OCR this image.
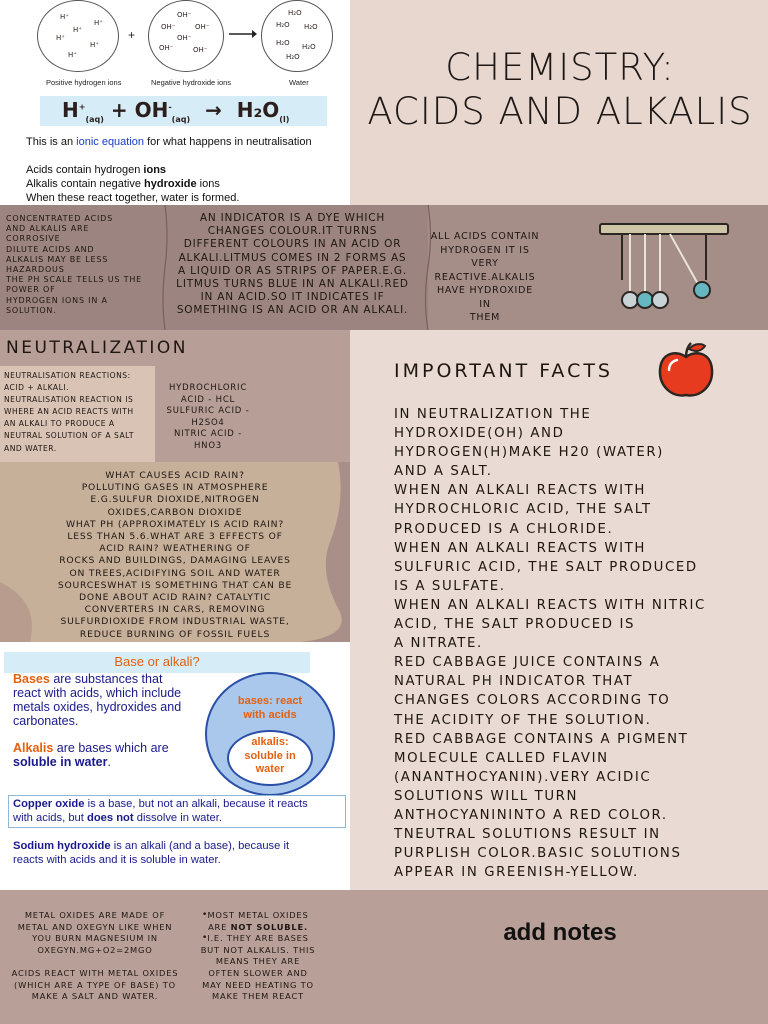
H⁺
H⁺
H⁺
H⁺
H⁺
H⁺
+
OH⁻
OH⁻	OH⁻
OH⁻
OH⁻	OH⁻
H₂O
H₂O H₂O
H₂O H₂O
H₂O
Positive hydrogen ions	Negative hydroxide ions	Water
$H^+_{(aq)} + OH^-_{(aq)} \to H_2O_{(l)}$
This is an ionic equation for what happens in neutralisation
Acids contain hydrogen ions
Alkalis contain negative hydroxide ions
When these react together, water is formed.
CHEMISTRY:
ACIDS AND ALKALIS
CONCENTRATED ACIDS
AND ALKALIS ARE
CORROSIVE
DILUTE ACIDS AND
ALKALIS MAY BE LESS
HAZARDOUS
THE PH SCALE TELLS US THE
POWER OF
HYDROGEN IONS IN A
SOLUTION.
AN INDICATOR IS A DYE WHICH
CHANGES COLOUR.IT TURNS
DIFFERENT COLOURS IN AN ACID OR
ALKALI.LITMUS COMES IN 2 FORMS AS
A LIQUID OR AS STRIPS OF PAPER.E.G.
LITMUS TURNS BLUE IN AN ALKALI.RED
IN AN ACID.SO IT INDICATES IF
SOMETHING IS AN ACID OR AN ALKALI.
ALL ACIDS CONTAIN
HYDROGEN IT IS
VERY
REACTIVE.ALKALIS
HAVE HYDROXIDE IN
THEM
NEUTRALIZATION
NEUTRALISATION REACTIONS:
ACID + ALKALI.
NEUTRALISATION REACTION IS
WHERE AN ACID REACTS WITH
AN ALKALI TO PRODUCE A
NEUTRAL SOLUTION OF A SALT
AND WATER.
HYDROCHLORIC
ACID - HCL
SULFURIC ACID -
H2SO4
NITRIC ACID -
HNO3
WHAT CAUSES ACID RAIN?
POLLUTING GASES IN ATMOSPHERE
E.G.SULFUR DIOXIDE,NITROGEN
OXIDES,CARBON DIOXIDE
WHAT PH (APPROXIMATELY IS ACID RAIN?
LESS THAN 5.6.WHAT ARE 3 EFFECTS OF
ACID RAIN? WEATHERING OF
ROCKS AND BUILDINGS, DAMAGING LEAVES
ON TREES,ACIDIFYING SOIL AND WATER
SOURCESWHAT IS SOMETHING THAT CAN BE
DONE ABOUT ACID RAIN? CATALYTIC
CONVERTERS IN CARS, REMOVING
SULFURDIOXIDE FROM INDUSTRIAL WASTE,
REDUCE BURNING OF FOSSIL FUELS
IMPORTANT FACTS
IN NEUTRALIZATION THE
HYDROXIDE(OH) AND
HYDROGEN(H)MAKE H20 (WATER)
AND A SALT.
WHEN AN ALKALI REACTS WITH
HYDROCHLORIC ACID, THE SALT
PRODUCED IS A CHLORIDE.
WHEN AN ALKALI REACTS WITH
SULFURIC ACID, THE SALT PRODUCED
IS A SULFATE.
WHEN AN ALKALI REACTS WITH NITRIC
ACID, THE SALT PRODUCED IS
A NITRATE.
RED CABBAGE JUICE CONTAINS A
NATURAL PH INDICATOR THAT
CHANGES COLORS ACCORDING TO
THE ACIDITY OF THE SOLUTION.
RED CABBAGE CONTAINS A PIGMENT
MOLECULE CALLED FLAVIN
(ANANTHOCYANIN).VERY ACIDIC
SOLUTIONS WILL TURN
ANTHOCYANININTO A RED COLOR.
TNEUTRAL SOLUTIONS RESULT IN
PURPLISH COLOR.BASIC SOLUTIONS
APPEAR IN GREENISH-YELLOW.
Base or alkali?
Bases are substances that
react with acids, which include
metals oxides, hydroxides and
carbonates.
Alkalis are bases which are
soluble in water.
bases: react
with acids
alkalis:
soluble in
water
Copper oxide is a base, but not an alkali, because it reacts
with acids, but does not dissolve in water.
Sodium hydroxide is an alkali (and a base), because it
reacts with acids and it is soluble in water.
METAL OXIDES ARE MADE OF
METAL AND OXEGYN LIKE WHEN
YOU BURN MAGNESIUM IN
OXEGYN.MG+O2=2MGO

ACIDS REACT WITH METAL OXIDES
(WHICH ARE A TYPE OF BASE) TO
MAKE A SALT AND WATER.
• MOST METAL OXIDES
ARE NOT SOLUBLE.
I.E. THEY ARE BASES
BUT NOT ALKALIS. THIS
MEANS THEY ARE
OFTEN SLOWER AND
MAY NEED HEATING TO
MAKE THEM REACT
•	add notes
